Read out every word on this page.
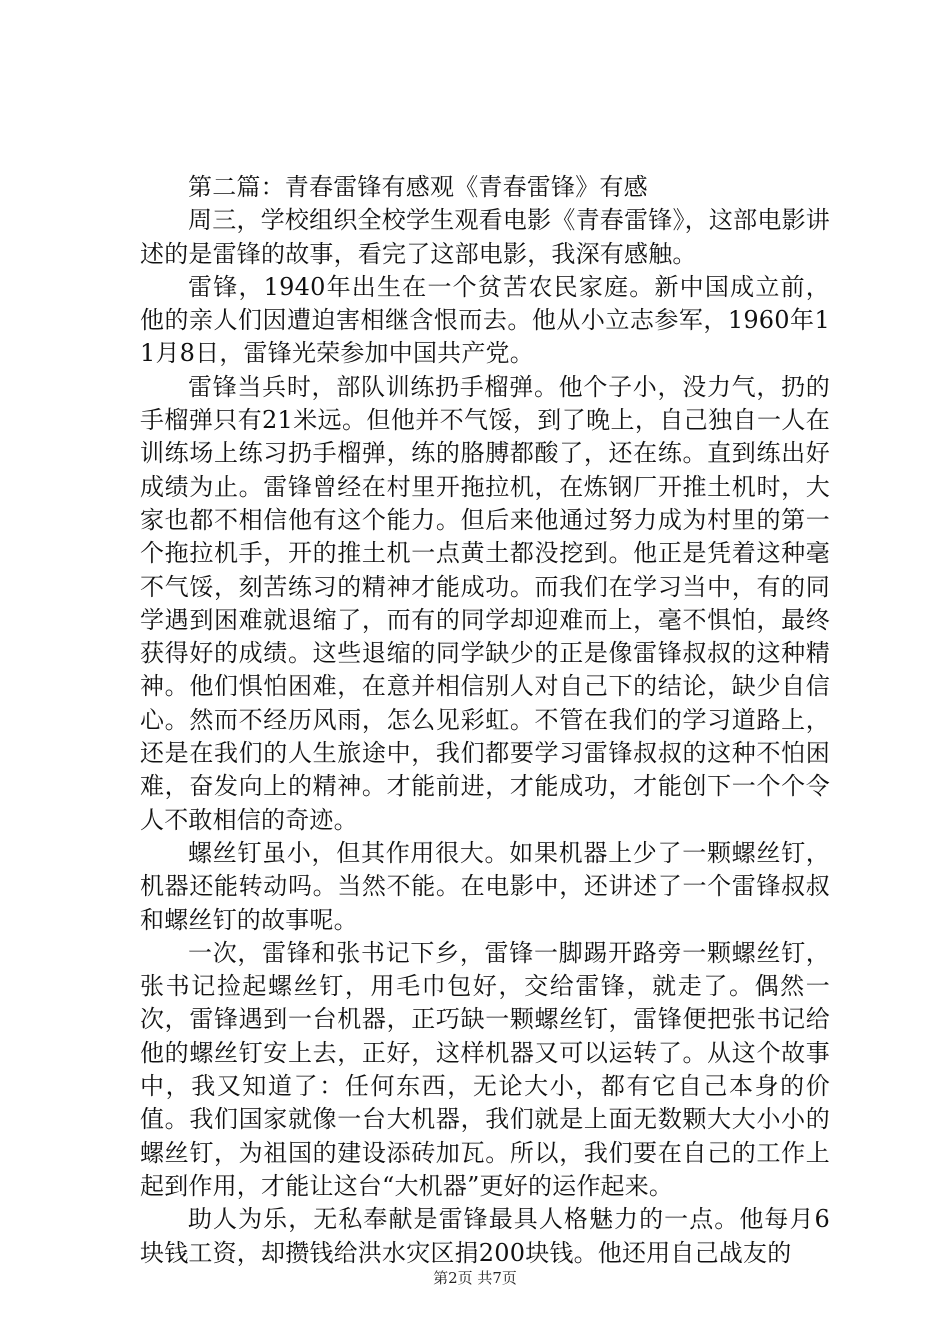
第二篇：青春雷锋有感观《青春雷锋》有感

周三，学校组织全校学生观看电影《青春雷锋》，这部电影讲述的是雷锋的故事，看完了这部电影，我深有感触。

雷锋，1940年出生在一个贫苦农民家庭。新中国成立前，他的亲人们因遭迫害相继含恨而去。他从小立志参军，1960年11月8日，雷锋光荣参加中国共产党。

雷锋当兵时，部队训练扔手榴弹。他个子小，没力气，扔的手榴弹只有21米远。但他并不气馁，到了晚上，自己独自一人在训练场上练习扔手榴弹，练的胳膊都酸了，还在练。直到练出好成绩为止。雷锋曾经在村里开拖拉机，在炼钢厂开推土机时，大家也都不相信他有这个能力。但后来他通过努力成为村里的第一个拖拉机手，开的推土机一点黄土都没挖到。他正是凭着这种毫不气馁，刻苦练习的精神才能成功。而我们在学习当中，有的同学遇到困难就退缩了，而有的同学却迎难而上，毫不惧怕，最终获得好的成绩。这些退缩的同学缺少的正是像雷锋叔叔的这种精神。他们惧怕困难，在意并相信别人对自己下的结论，缺少自信心。然而不经历风雨，怎么见彩虹。不管在我们的学习道路上，还是在我们的人生旅途中，我们都要学习雷锋叔叔的这种不怕困难，奋发向上的精神。才能前进，才能成功，才能创下一个个令人不敢相信的奇迹。

螺丝钉虽小，但其作用很大。如果机器上少了一颗螺丝钉，机器还能转动吗。当然不能。在电影中，还讲述了一个雷锋叔叔和螺丝钉的故事呢。

一次，雷锋和张书记下乡，雷锋一脚踢开路旁一颗螺丝钉，张书记捡起螺丝钉，用毛巾包好，交给雷锋，就走了。偶然一次，雷锋遇到一台机器，正巧缺一颗螺丝钉，雷锋便把张书记给他的螺丝钉安上去，正好，这样机器又可以运转了。从这个故事中，我又知道了：任何东西，无论大小，都有它自己本身的价值。我们国家就像一台大机器，我们就是上面无数颗大大小小的螺丝钉，为祖国的建设添砖加瓦。所以，我们要在自己的工作上起到作用，才能让这台“大机器”更好的运作起来。

助人为乐，无私奉献是雷锋最具人格魅力的一点。他每月6块钱工资，却攒钱给洪水灾区捐200块钱。他还用自己战友的

第2页 共7页
